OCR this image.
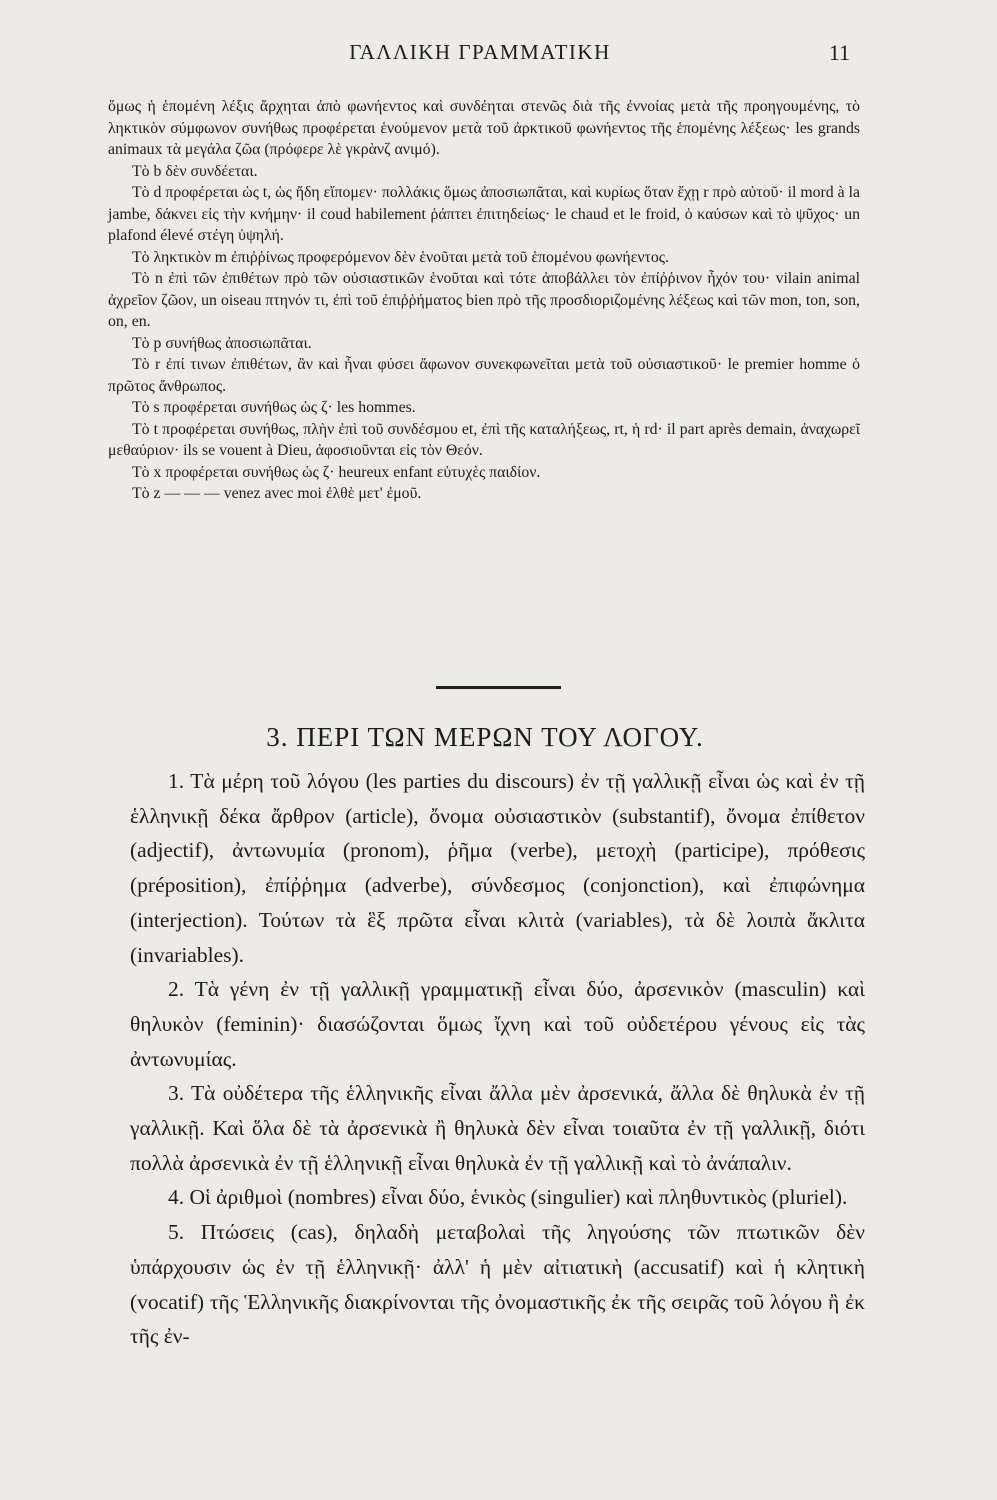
ΓΑΛΛΙΚΗ ΓΡΑΜΜΑΤΙΚΗ	11

ὅμως ἡ ἑπομένη λέξις ἄρχηται ἀπὸ φωνήεντος καὶ συνδέηται στενῶς διὰ τῆς ἐννοίας μετὰ τῆς προηγουμένης, τὸ ληκτικὸν σύμφωνον συνήθως προφέρεται ἑνούμενον μετὰ τοῦ ἀρκτικοῦ φωνήεντος τῆς ἑπομένης λέξεως· les grands animaux τὰ μεγάλα ζῶα (πρόφερε λὲ γκρὰνζ ανιμό).

Τὸ b δὲν συνδέεται.

Τὸ d προφέρεται ὡς t, ὡς ἤδη εἴπομεν· πολλάκις ὅμως ἀποσιωπᾶται, καὶ κυρίως ὅταν ἔχῃ r πρὸ αὐτοῦ· il mord à la jambe, δάκνει εἰς τὴν κνήμην· il coud habilement ῥάπτει ἐπιτηδείως· le chaud et le froid, ὁ καύσων καὶ τὸ ψῦχος· un plafond élevé στέγη ὑψηλή.

Τὸ ληκτικὸν m ἐπιῤῥίνως προφερόμενον δὲν ἑνοῦται μετὰ τοῦ ἑπομένου φωνήεντος.

Τὸ n ἐπὶ τῶν ἐπιθέτων πρὸ τῶν οὐσιαστικῶν ἑνοῦται καὶ τότε ἀποβάλλει τὸν ἐπίῤῥινον ἦχόν του· vilain animal ἀχρεῖον ζῶον, un oiseau πτηνόν τι, ἐπὶ τοῦ ἐπιῤῥήματος bien πρὸ τῆς προσδιοριζομένης λέξεως καὶ τῶν mon, ton, son, on, en.

Τὸ p συνήθως ἀποσιωπᾶται.

Τὸ r ἐπί τινων ἐπιθέτων, ἂν καὶ ἦναι φύσει ἄφωνον συνεκφωνεῖται μετὰ τοῦ οὐσιαστικοῦ· le premier homme ὁ πρῶτος ἄνθρωπος.

Τὸ s προφέρεται συνήθως ὡς ζ· les hommes.

Τὸ t προφέρεται συνήθως, πλὴν ἐπὶ τοῦ συνδέσμου et, ἐπὶ τῆς καταλήξεως, rt, ἡ rd· il part après demain, ἀναχωρεῖ μεθαύριον· ils se vouent à Dieu, ἀφοσιοῦνται εἰς τὸν Θεόν.

Τὸ x προφέρεται συνήθως ὡς ζ· heureux enfant εὐτυχὲς παιδίον.

Τὸ z — — — venez avec moi ἐλθὲ μετ' ἐμοῦ.

3. ΠΕΡΙ ΤΩΝ ΜΕΡΩΝ ΤΟΥ ΛΟΓΟΥ.

1. Τὰ μέρη τοῦ λόγου (les parties du discours) ἐν τῇ γαλλικῇ εἶναι ὡς καὶ ἐν τῇ ἑλληνικῇ δέκα ἄρθρον (article), ὄνομα οὐσιαστικὸν (substantif), ὄνομα ἐπίθετον (adjectif), ἀντωνυμία (pronom), ῥῆμα (verbe), μετοχὴ (participe), πρόθεσις (préposition), ἐπίῤῥημα (adverbe), σύνδεσμος (conjonction), καὶ ἐπιφώνημα (interjection). Τούτων τὰ ἓξ πρῶτα εἶναι κλιτὰ (variables), τὰ δὲ λοιπὰ ἄκλιτα (invariables).

2. Τὰ γένη ἐν τῇ γαλλικῇ γραμματικῇ εἶναι δύο, ἀρσενικὸν (masculin) καὶ θηλυκὸν (feminin)· διασώζονται ὅμως ἴχνη καὶ τοῦ οὐδετέρου γένους εἰς τὰς ἀντωνυμίας.

3. Τὰ οὐδέτερα τῆς ἑλληνικῆς εἶναι ἄλλα μὲν ἀρσενικά, ἄλλα δὲ θηλυκὰ ἐν τῇ γαλλικῇ. Καὶ ὅλα δὲ τὰ ἀρσενικὰ ἢ θηλυκὰ δὲν εἶναι τοιαῦτα ἐν τῇ γαλλικῇ, διότι πολλὰ ἀρσενικὰ ἐν τῇ ἑλληνικῇ εἶναι θηλυκὰ ἐν τῇ γαλλικῇ καὶ τὸ ἀνάπαλιν.

4. Οἱ ἀριθμοὶ (nombres) εἶναι δύο, ἑνικὸς (singulier) καὶ πληθυντικὸς (pluriel).

5. Πτώσεις (cas), δηλαδὴ μεταβολαὶ τῆς ληγούσης τῶν πτωτικῶν δὲν ὑπάρχουσιν ὡς ἐν τῇ ἑλληνικῇ· ἀλλ' ἡ μὲν αἰτιατικὴ (accusatif) καὶ ἡ κλητικὴ (vocatif) τῆς Ἑλληνικῆς διακρίνονται τῆς ὀνομαστικῆς ἐκ τῆς σειρᾶς τοῦ λόγου ἢ ἐκ τῆς ἐν-
